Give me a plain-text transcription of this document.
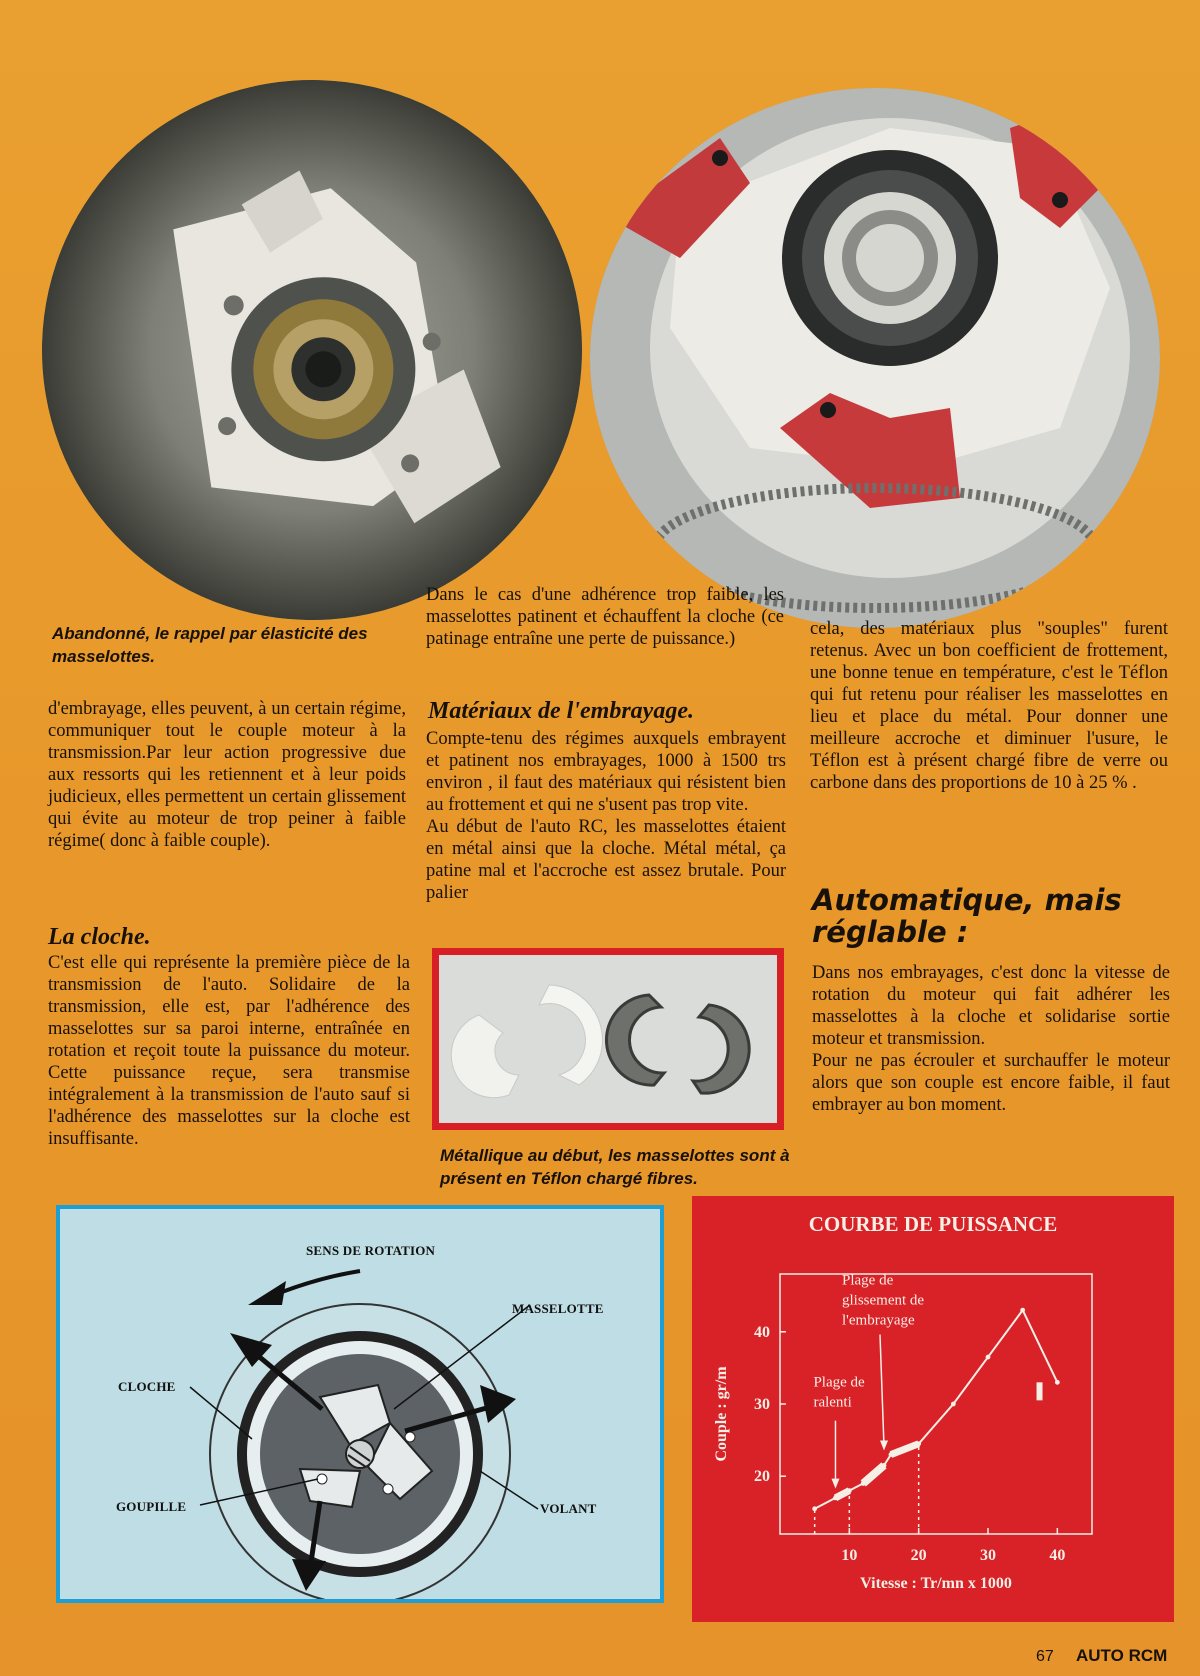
Abandonné, le rappel par élasticité des masselottes.

d'embrayage, elles peuvent, à un certain régime, communiquer tout le couple moteur à la transmission.Par leur action progressive due aux ressorts qui les retiennent et à leur poids judicieux, elles permettent un certain glissement qui évite au moteur de trop peiner à faible régime( donc à faible couple).

La cloche.

C'est elle qui représente la première pièce de la transmission de l'auto. Solidaire de la transmission, elle est, par l'adhérence des masselottes sur sa paroi interne, entraînée en rotation et reçoit toute la puissance du moteur. Cette puissance reçue, sera transmise intégralement à la transmission de l'auto sauf si l'adhérence des masselottes sur la cloche est insuffisante.

Dans le cas d'une adhérence trop faible, les masselottes patinent et échauffent la cloche (ce patinage entraîne une perte de puissance.)

Matériaux de l'embrayage.

Compte-tenu des régimes auxquels embrayent et patinent nos embrayages, 1000 à 1500 trs environ , il faut des matériaux qui résistent bien au frottement et qui ne s'usent pas trop vite.

Au début de l'auto RC, les masselottes étaient en métal ainsi que la cloche. Métal métal, ça patine mal et l'accroche est assez brutale. Pour palier

Métallique au début, les masselottes sont à présent en Téflon chargé fibres.

cela, des matériaux plus "souples" furent retenus. Avec un bon coefficient de frottement, une bonne tenue en température, c'est le Téflon qui fut retenu pour réaliser les masselottes en lieu et place du métal. Pour donner une meilleure accroche et diminuer l'usure, le Téflon est à présent chargé fibre de verre ou carbone dans des proportions de 10 à 25 % .

Automatique, mais
réglable :

Dans nos embrayages, c'est donc la vitesse de rotation du moteur qui fait adhérer les masselottes à la cloche et solidarise sortie moteur et transmission.

Pour ne pas écrouler et surchauffer le moteur alors que son couple est encore faible, il faut embrayer au bon moment.

SENS DE ROTATION
MASSELOTTE
CLOCHE
GOUPILLE	VOLANT
COURBE DE PUISSANCE
10	20	30	40
20
30
40
Vitesse : Tr/mn x 1000
Couple : gr/m	Plage de
ralenti
Plage de
glissement de
l'embrayage
67 AUTO RCM
